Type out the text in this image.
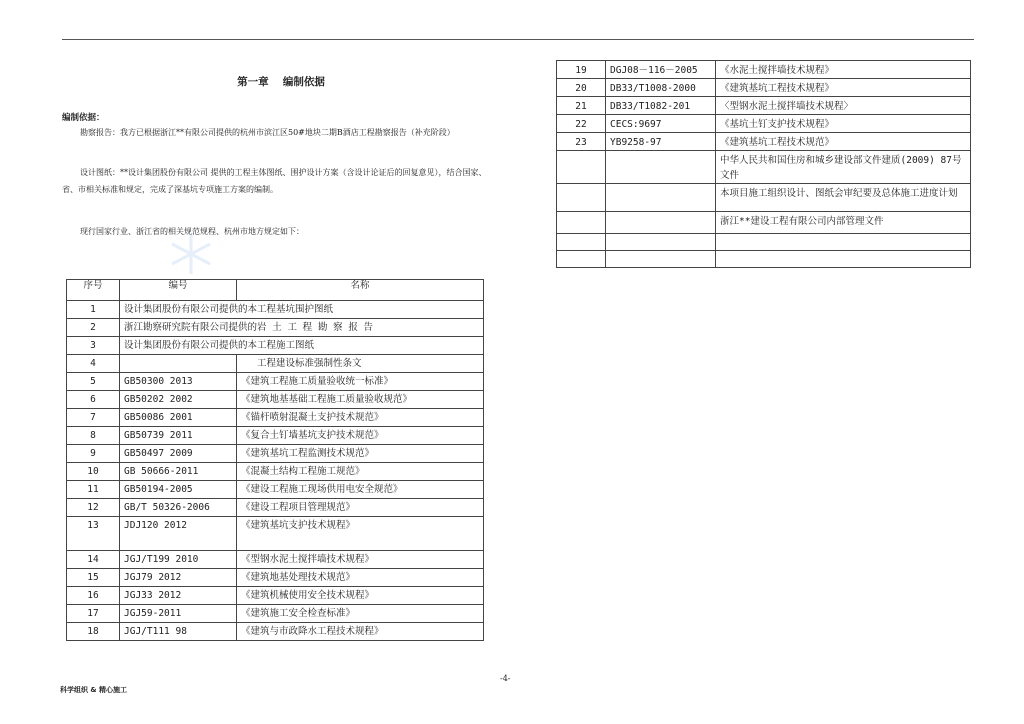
第一章　 编制依据
编制依据：
勘察报告：我方已根据浙江**有限公司提供的杭州市滨江区50#地块二期B酒店工程勘察报告（补充阶段）
设计图纸：**设计集团股份有限公司 提供的工程主体图纸、围护设计方案（含设计论证后的回复意见），结合国家、省、市相关标准和规定，完成了深基坑专项施工方案的编制。
现行国家行业、浙江省的相关规范规程、杭州市地方规定如下：
序号	编号	名称
1	设计集团股份有限公司提供的本工程基坑围护图纸	
2	浙江勘察研究院有限公司提供的岩 土 工 程 勘 察 报 告	
3	设计集团股份有限公司提供的本工程施工图纸	
4		工程建设标准强制性条文
5	GB50300 2013	《建筑工程施工质量验收统一标准》
6	GB50202 2002	《建筑地基基础工程施工质量验收规范》
7	GB50086 2001	《锚杆喷射混凝土支护技术规范》
8	GB50739 2011	《复合土钉墙基坑支护技术规范》
9	GB50497 2009	《建筑基坑工程监测技术规范》
10	GB 50666-2011	《混凝土结构工程施工规范》
11	GB50194-2005	《建设工程施工现场供用电安全规范》
12	GB/T 50326-2006	《建设工程项目管理规范》
13	JDJ120 2012	《建筑基坑支护技术规程》
14	JGJ/T199 2010	《型钢水泥土搅拌墙技术规程》
15	JGJ79 2012	《建筑地基处理技术规范》
16	JGJ33 2012	《建筑机械使用安全技术规程》
17	JGJ59-2011	《建筑施工安全检查标准》
18	JGJ/T111 98	《建筑与市政降水工程技术规程》
19	DGJ08－116－2005	《水泥土搅拌墙技术规程》
20	DB33/T1008-2000	《建筑基坑工程技术规程》
21	DB33/T1082-201	〈型钢水泥土搅拌墙技术规程〉
22	CECS:9697	《基坑土钉支护技术规程》
23	YB9258-97	《建筑基坑工程技术规范》
		中华人民共和国住房和城乡建设部文件建质(2009) 87号文件
		本项目施工组织设计、图纸会审纪要及总体施工进度计划
		浙江**建设工程有限公司内部管理文件

-4-
科学组织 & 精心施工
